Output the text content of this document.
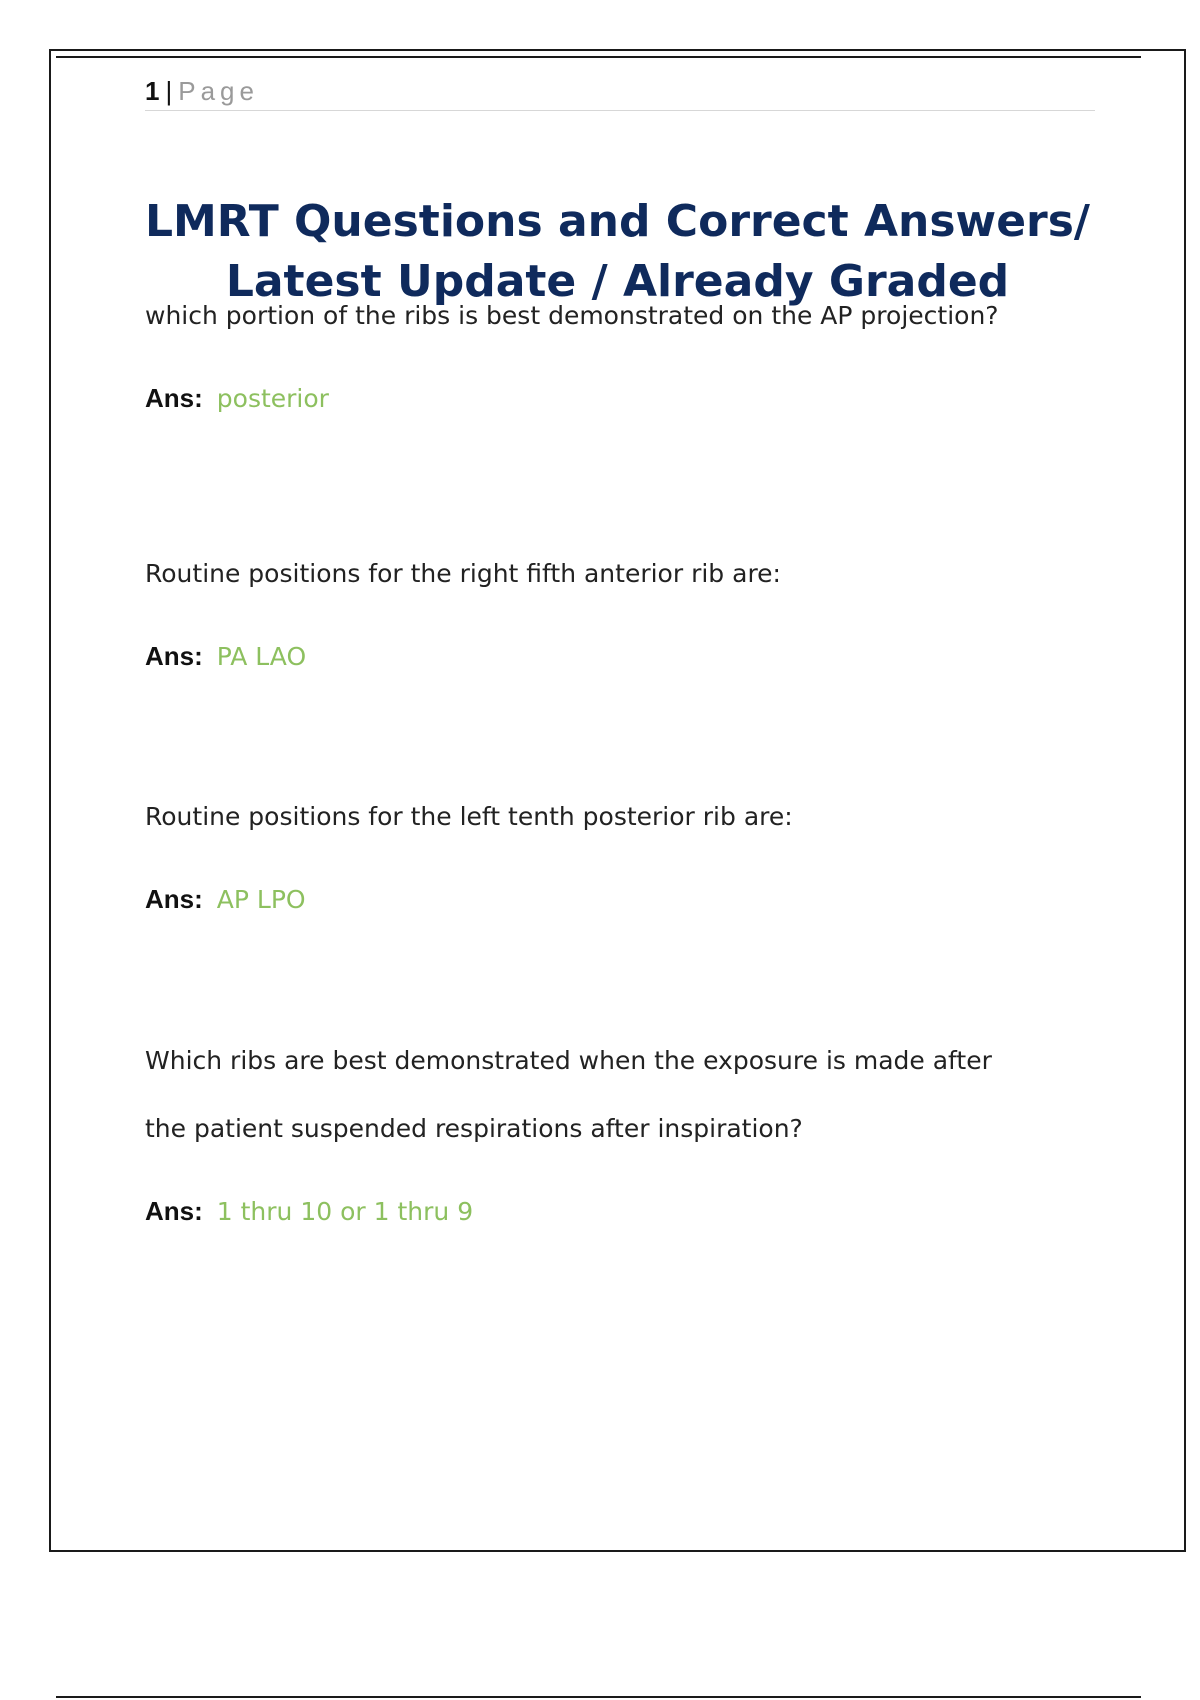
1 | Page
LMRT Questions and Correct Answers/
Latest Update / Already Graded

which portion of the ribs is best demonstrated on the AP projection?

Ans: posterior

Routine positions for the right fifth anterior rib are:

Ans: PA LAO

Routine positions for the left tenth posterior rib are:

Ans: AP LPO

Which ribs are best demonstrated when the exposure is made after

the patient suspended respirations after inspiration?

Ans: 1 thru 10 or 1 thru 9
